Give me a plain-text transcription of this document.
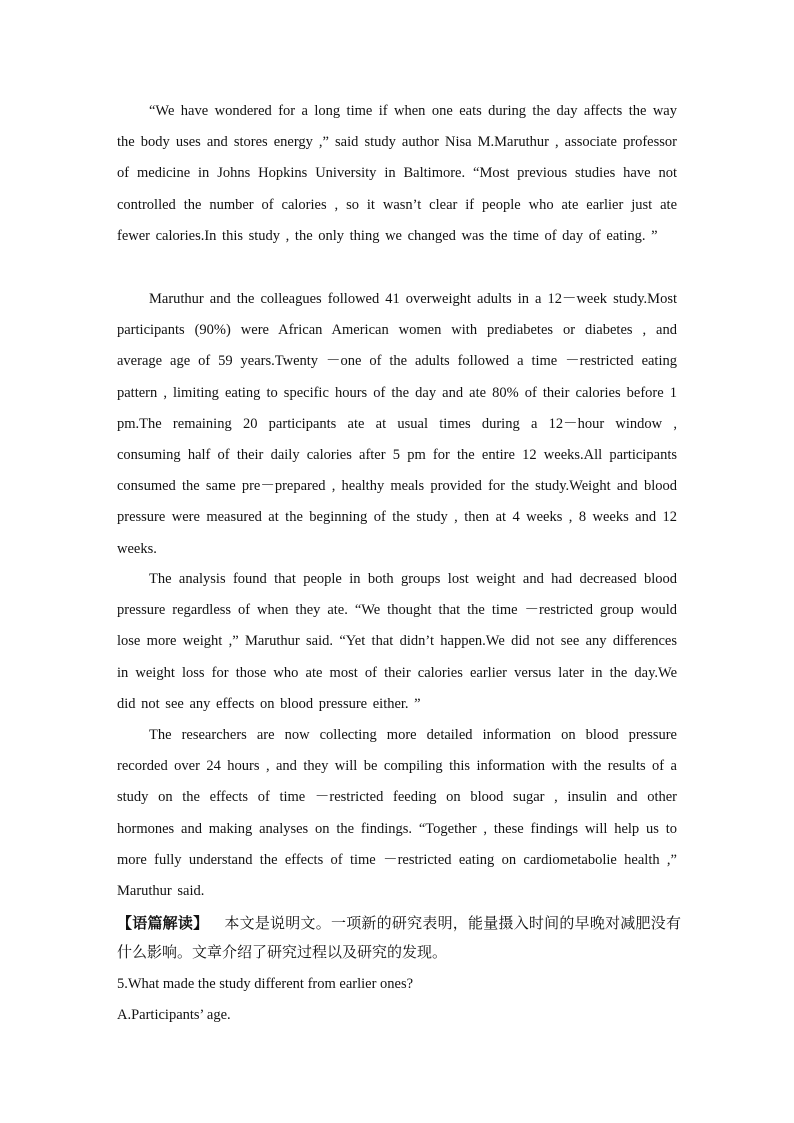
“We have wondered for a long time if when one eats during the day affects the way the body uses and stores energy ,” said study author Nisa M.Maruthur , associate professor of medicine in Johns Hopkins University in Baltimore. “Most previous studies have not controlled the number of calories , so it wasn’t clear if people who ate earlier just ate fewer calories.In this study , the only thing we changed was the time of day of eating. ”

Maruthur and the colleagues followed 41 overweight adults in a 12－week study.Most participants (90%) were African American women with prediabetes or diabetes , and average age of 59 years.Twenty －one of the adults followed a time －restricted eating pattern , limiting eating to specific hours of the day and ate 80% of their calories before 1 pm.The remaining 20 participants ate at usual times during a 12－hour window , consuming half of their daily calories after 5 pm for the entire 12 weeks.All participants consumed the same pre－prepared , healthy meals provided for the study.Weight and blood pressure were measured at the beginning of the study , then at 4 weeks , 8 weeks and 12 weeks.

The analysis found that people in both groups lost weight and had decreased blood pressure regardless of when they ate. “We thought that the time －restricted group would lose more weight ,” Maruthur said. “Yet that didn’t happen.We did not see any differences in weight loss for those who ate most of their calories earlier versus later in the day.We did not see any effects on blood pressure either. ”

The researchers are now collecting more detailed information on blood pressure recorded over 24 hours , and they will be compiling this information with the results of a study on the effects of time －restricted feeding on blood sugar , insulin and other hormones and making analyses on the findings. “Together , these findings will help us to more fully understand the effects of time －restricted eating on cardiometabolie health ,” Maruthur said.

【语篇解读】 本文是说明文。一项新的研究表明，能量摄入时间的早晚对减肥没有什么影响。文章介绍了研究过程以及研究的发现。

5.What made the study different from earlier ones?

A.Participants’ age.
